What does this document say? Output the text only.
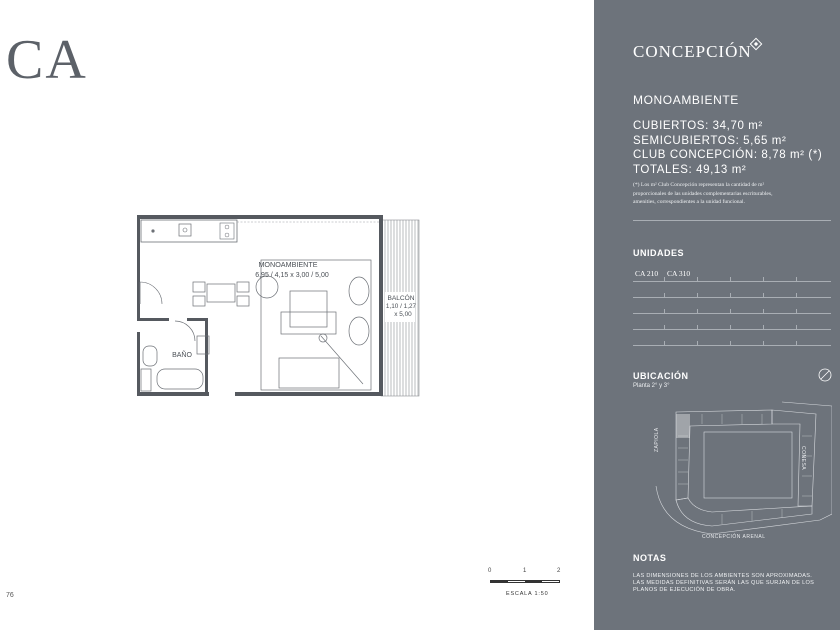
CA
76
MONOAMBIENTE
6,95 / 4,15 x 3,00 / 5,00
BALCÓN
1,10 / 1,27
x 5,00
BAÑO
0	1	2
ESCALA 1:50
CONCEPCIÓN
MONOAMBIENTE
CUBIERTOS: 34,70 m²
SEMICUBIERTOS: 5,65 m²
CLUB CONCEPCIÓN: 8,78 m² (*)
TOTALES: 49,13 m²
(*) Los m² Club Concepción representan la cantidad de m² proporcionales de las unidades complementarias escriturables, amenities, correspondientes a la unidad funcional.
UNIDADES
CA 210 CA 310
UBICACIÓN
Planta 2° y 3°
ZAPIOLA
CONESA
CONCEPCIÓN ARENAL
NOTAS
LAS DIMENSIONES DE LOS AMBIENTES SON APROXIMADAS. LAS MEDIDAS DEFINITIVAS SERÁN LAS QUE SURJAN DE LOS PLANOS DE EJECUCIÓN DE OBRA.
